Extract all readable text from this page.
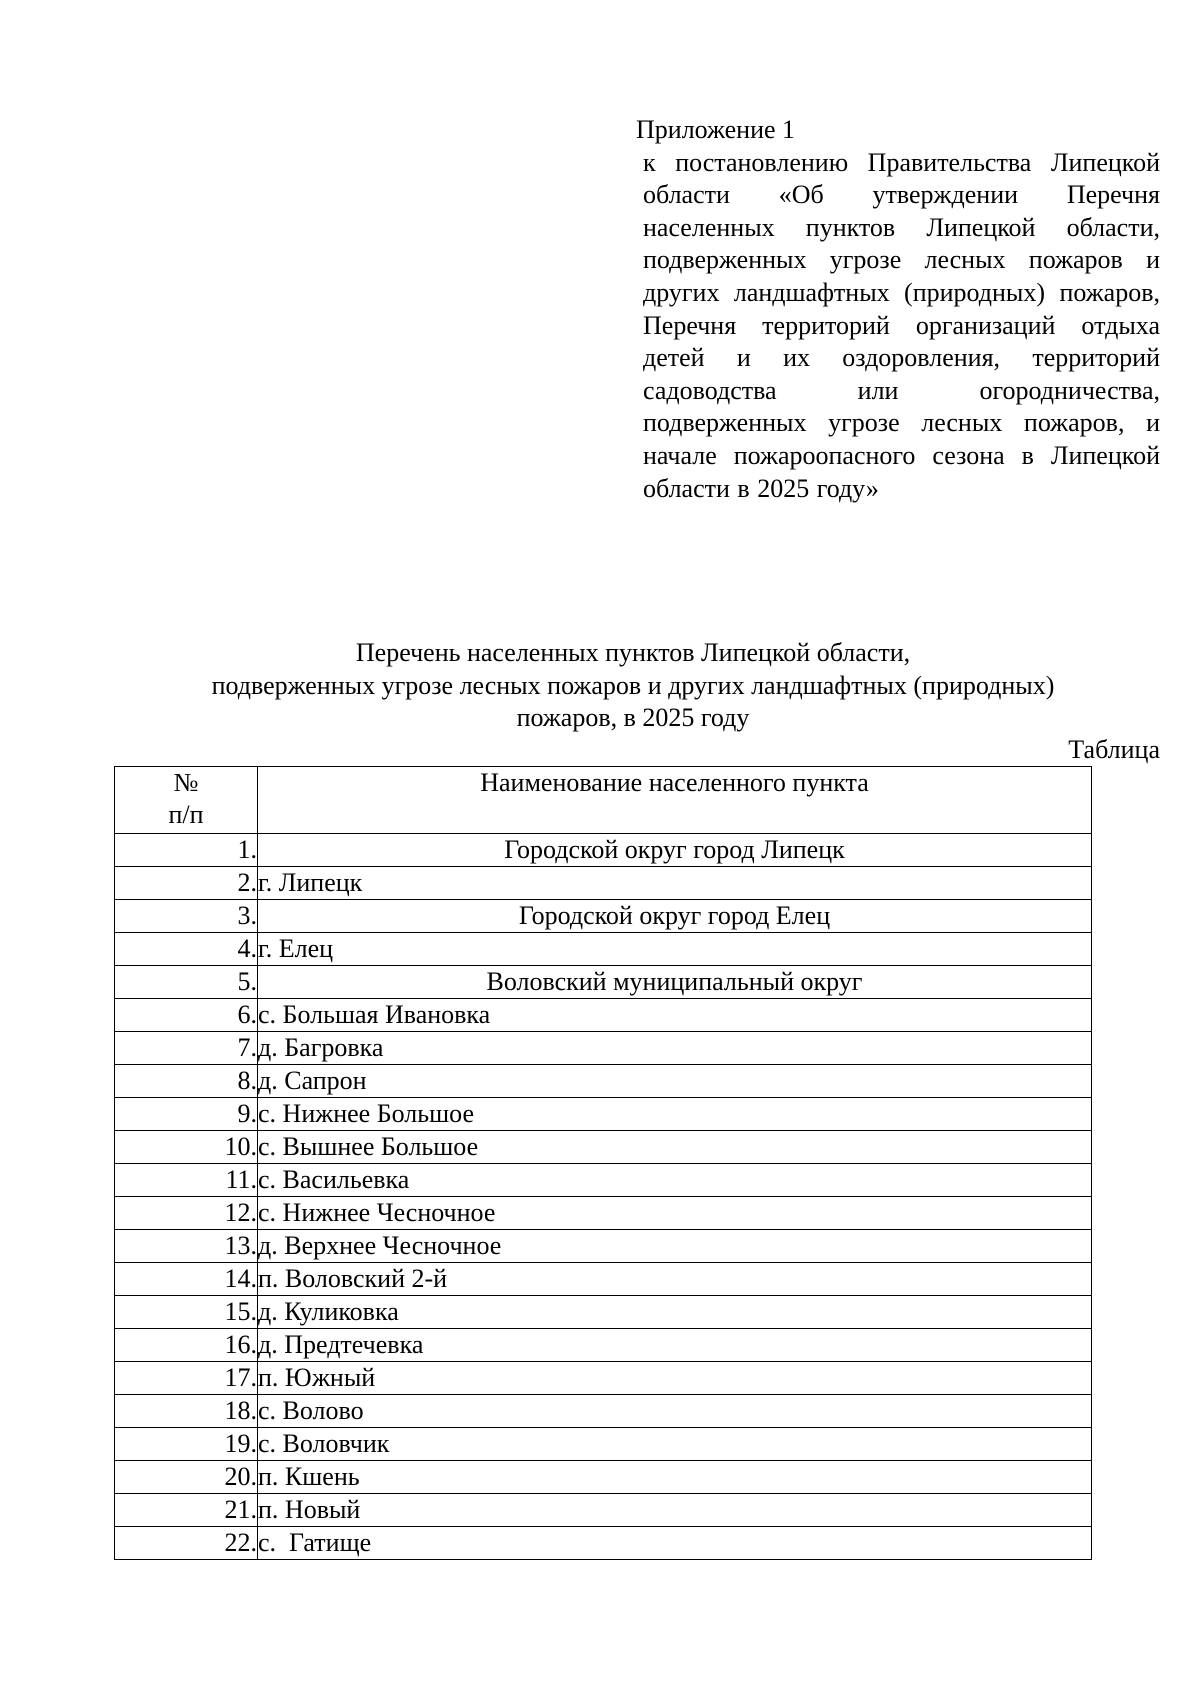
Приложение 1

к постановлению Правительства Липецкой области «Об утверждении Перечня населенных пунктов Липецкой области, подверженных угрозе лесных пожаров и других ландшафтных (природных) пожаров, Перечня территорий организаций отдыха детей и их оздоровления, территорий садоводства или огородничества, подверженных угрозе лесных пожаров, и начале пожароопасного сезона в Липецкой области в 2025 году»

Перечень населенных пунктов Липецкой области,
подверженных угрозе лесных пожаров и других ландшафтных (природных)
пожаров, в 2025 году

Таблица

№
п/п	Наименование населенного пункта
1.	Городской округ город Липецк
2.	г. Липецк
3.	Городской округ город Елец
4.	г. Елец
5.	Воловский муниципальный округ
6.	с. Большая Ивановка
7.	д. Багровка
8.	д. Сапрон
9.	с. Нижнее Большое
10.	с. Вышнее Большое
11.	с. Васильевка
12.	с. Нижнее Чесночное
13.	д. Верхнее Чесночное
14.	п. Воловский 2-й
15.	д. Куликовка
16.	д. Предтечевка
17.	п. Южный
18.	с. Волово
19.	с. Воловчик
20.	п. Кшень
21.	п. Новый
22.	с.  Гатище
